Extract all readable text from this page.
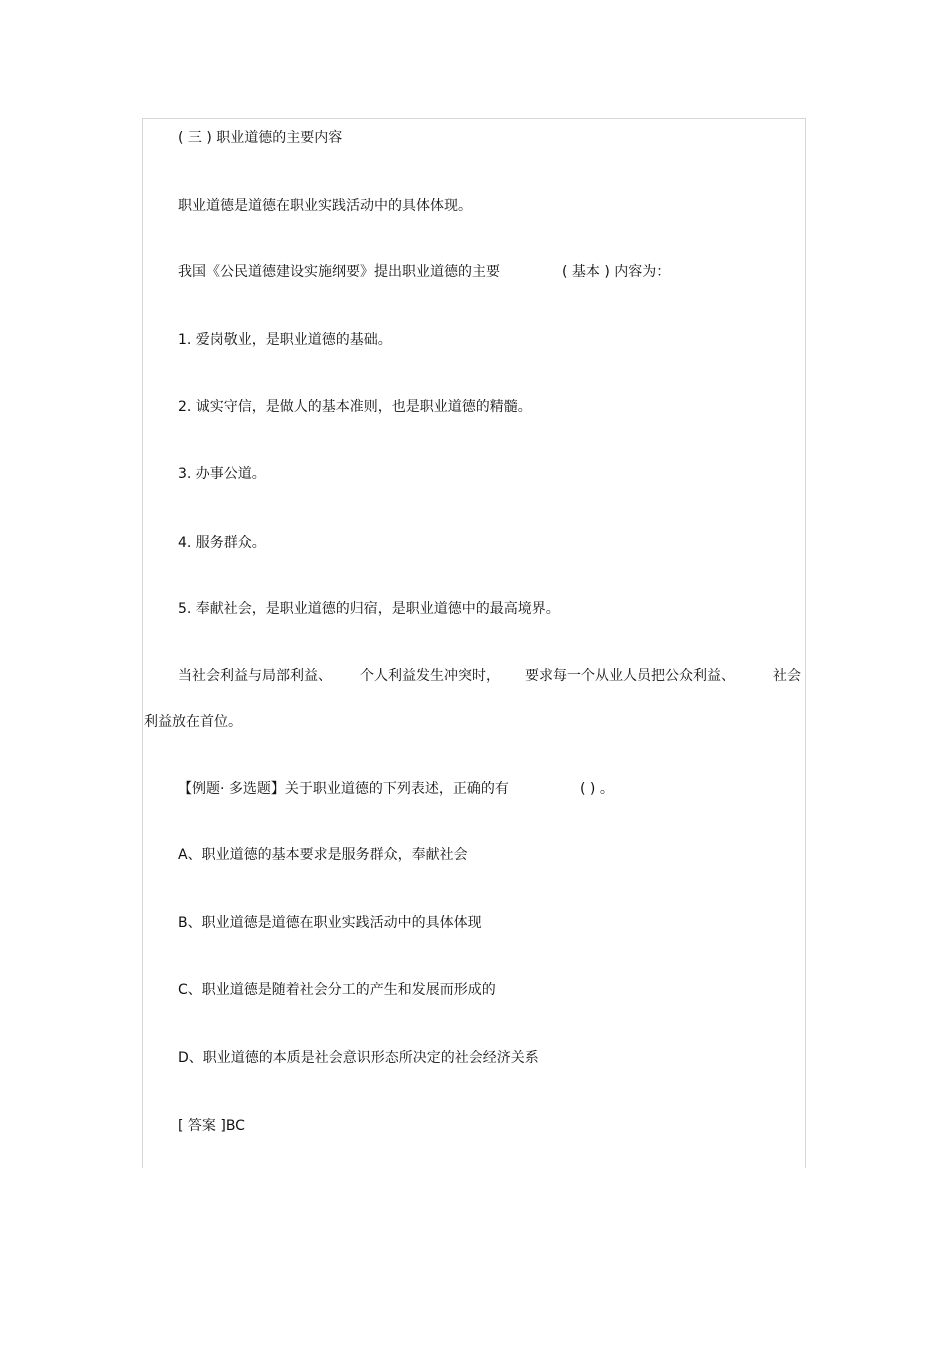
( 三 ) 职业道德的主要内容

职业道德是道德在职业实践活动中的具体体现。

我国《公民道德建设实施纲要》提出职业道德的主要	( 基本 ) 内容为：

1. 爱岗敬业，是职业道德的基础。

2. 诚实守信，是做人的基本准则，也是职业道德的精髓。

3. 办事公道。

4. 服务群众。

5. 奉献社会，是职业道德的归宿，是职业道德中的最高境界。

当社会利益与局部利益、 个人利益发生冲突时， 要求每一个从业人员把公众利益、	社会

利益放在首位。

【例题· 多选题】关于职业道德的下列表述，正确的有	( ) 。

A、职业道德的基本要求是服务群众，奉献社会

B、职业道德是道德在职业实践活动中的具体体现

C、职业道德是随着社会分工的产生和发展而形成的

D、职业道德的本质是社会意识形态所决定的社会经济关系

[ 答案 ]BC
